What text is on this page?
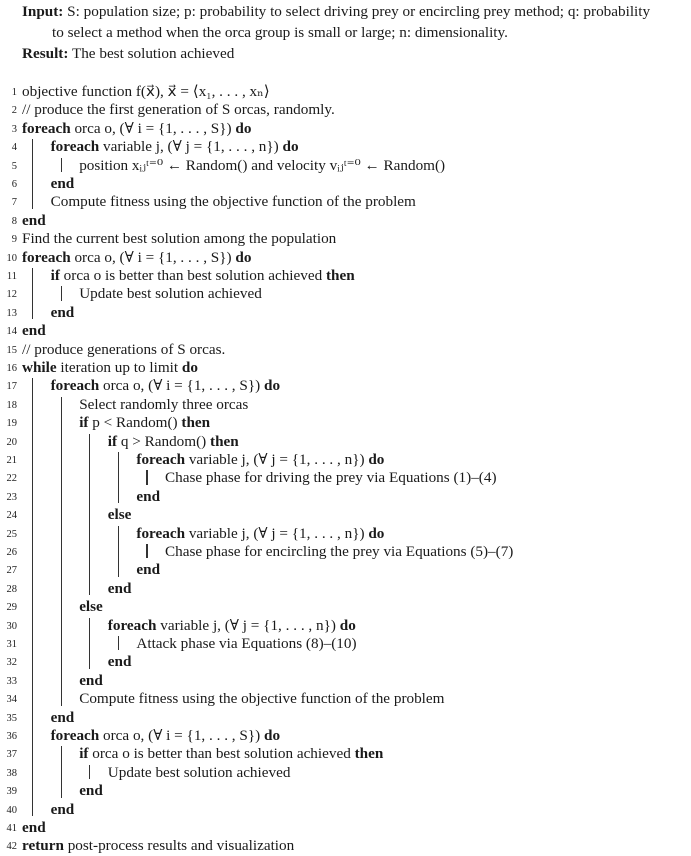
Input: S: population size; p: probability to select driving prey or encircling prey method; q: probability
to select a method when the orca group is small or large; n: dimensionality.
Result: The best solution achieved
1 objective function f(x⃗), x⃗ = ⟨x₁, . . . , xₙ⟩
2 // produce the first generation of S orcas, randomly.
3 foreach orca o, (∀ i = {1, . . . , S}) do
4 foreach variable j, (∀ j = {1, . . . , n}) do
5	position xᵢⱼᵗ⁼⁰ ← Random() and velocity vᵢⱼᵗ⁼⁰ ← Random()
6 end
7 Compute fitness using the objective function of the problem
8 end
9 Find the current best solution among the population
10 foreach orca o, (∀ i = {1, . . . , S}) do
11 if orca o is better than best solution achieved then
12	Update best solution achieved
13 end
14 end
15 // produce generations of S orcas.
16 while iteration up to limit do
17 foreach orca o, (∀ i = {1, . . . , S}) do
18	Select randomly three orcas
19	if p < Random() then
20	if q > Random() then
21	foreach variable j, (∀ j = {1, . . . , n}) do
22	Chase phase for driving the prey via Equations (1)–(4)
23	end
24	else
25	foreach variable j, (∀ j = {1, . . . , n}) do
26	Chase phase for encircling the prey via Equations (5)–(7)
27	end
28	end
29	else
30	foreach variable j, (∀ j = {1, . . . , n}) do
31	Attack phase via Equations (8)–(10)
32	end
33	end
34	Compute fitness using the objective function of the problem
35 end
36 foreach orca o, (∀ i = {1, . . . , S}) do
37	if orca o is better than best solution achieved then
38	Update best solution achieved
39	end
40 end
41 end
42 return post-process results and visualization
